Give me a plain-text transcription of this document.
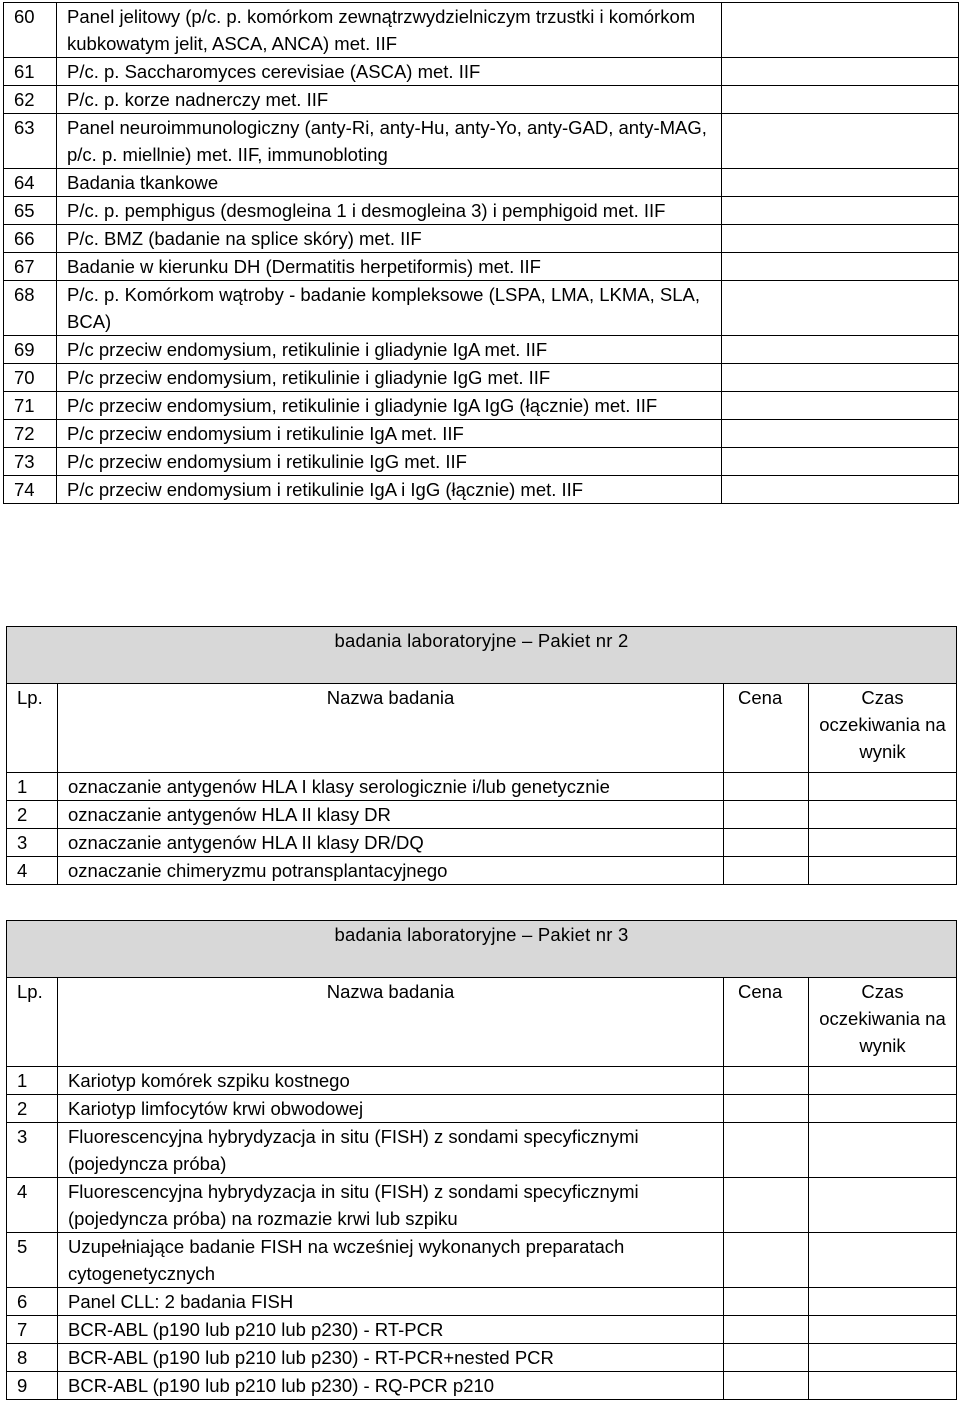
60	Panel jelitowy (p/c. p. komórkom zewnątrzwydzielniczym trzustki i komórkom kubkowatym jelit, ASCA, ANCA) met. IIF		
61	P/c. p. Saccharomyces cerevisiae (ASCA) met. IIF		
62	P/c. p. korze nadnerczy met. IIF		
63	Panel neuroimmunologiczny (anty-Ri, anty-Hu, anty-Yo, anty-GAD, anty-MAG, p/c. p. miellnie) met. IIF, immunobloting		
64	Badania tkankowe		
65	P/c. p. pemphigus (desmogleina 1 i desmogleina 3) i pemphigoid met. IIF		
66	P/c. BMZ (badanie na splice skóry) met. IIF		
67	Badanie w kierunku DH (Dermatitis herpetiformis) met. IIF		
68	P/c. p. Komórkom wątroby - badanie kompleksowe (LSPA, LMA, LKMA, SLA, BCA)		
69	P/c przeciw endomysium, retikulinie i gliadynie IgA met. IIF		
70	P/c przeciw endomysium, retikulinie i gliadynie IgG met. IIF		
71	P/c przeciw endomysium, retikulinie i gliadynie IgA IgG (łącznie) met. IIF		
72	P/c przeciw endomysium i retikulinie IgA met. IIF		
73	P/c przeciw endomysium i retikulinie IgG met. IIF		
74	P/c przeciw endomysium i retikulinie IgA i IgG (łącznie) met. IIF		
badania laboratoryjne – Pakiet nr 2			

Lp.	Nazwa badania	Cena	Czas oczekiwania na wynik
1	oznaczanie antygenów HLA I klasy serologicznie i/lub genetycznie		
2	oznaczanie antygenów HLA II klasy DR		
3	oznaczanie antygenów HLA II klasy DR/DQ		
4	oznaczanie chimeryzmu potransplantacyjnego		
badania laboratoryjne – Pakiet nr 3			

Lp.	Nazwa badania	Cena	Czas oczekiwania na wynik
1	Kariotyp komórek szpiku kostnego		
2	Kariotyp limfocytów krwi obwodowej		
3	Fluorescencyjna hybrydyzacja in situ (FISH) z sondami specyficznymi (pojedyncza próba)		
4	Fluorescencyjna hybrydyzacja in situ (FISH) z sondami specyficznymi (pojedyncza próba) na rozmazie krwi lub szpiku		
5	Uzupełniające badanie FISH na wcześniej wykonanych preparatach cytogenetycznych		
6	Panel CLL: 2 badania FISH		
7	BCR-ABL (p190 lub p210 lub p230) - RT-PCR		
8	BCR-ABL (p190 lub p210 lub p230) - RT-PCR+nested PCR		
9	BCR-ABL (p190 lub p210 lub p230) - RQ-PCR p210		
